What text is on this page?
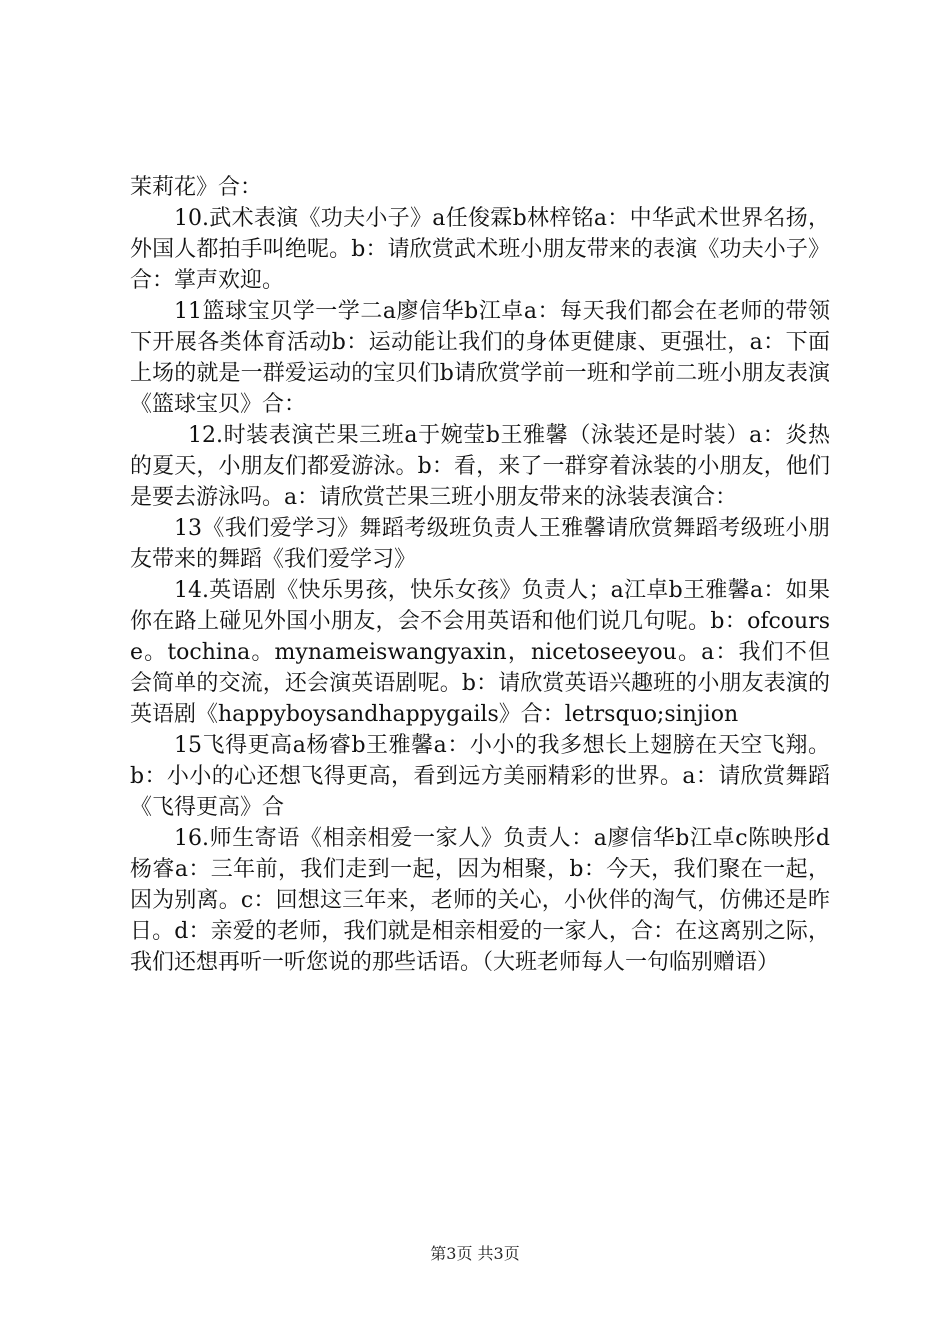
茉莉花》合：

10.武术表演《功夫小子》a任俊霖b林梓铭a：中华武术世界名扬，外国人都拍手叫绝呢。b：请欣赏武术班小朋友带来的表演《功夫小子》合：掌声欢迎。

11篮球宝贝学一学二a廖信华b江卓a：每天我们都会在老师的带领下开展各类体育活动b：运动能让我们的身体更健康、更强壮，a：下面上场的就是一群爱运动的宝贝们b请欣赏学前一班和学前二班小朋友表演《篮球宝贝》合：

12.时装表演芒果三班a于婉莹b王雅馨（泳装还是时装）a：炎热的夏天，小朋友们都爱游泳。b：看，来了一群穿着泳装的小朋友，他们是要去游泳吗。a：请欣赏芒果三班小朋友带来的泳装表演合：

13《我们爱学习》舞蹈考级班负责人王雅馨请欣赏舞蹈考级班小朋友带来的舞蹈《我们爱学习》

14.英语剧《快乐男孩，快乐女孩》负责人；a江卓b王雅馨a：如果你在路上碰见外国小朋友，会不会用英语和他们说几句呢。b：ofcourse。tochina。mynameiswangyaxin，nicetoseeyou。a：我们不但会简单的交流，还会演英语剧呢。b：请欣赏英语兴趣班的小朋友表演的英语剧《happyboysandhappygails》合：letrsquo;sinjion

15飞得更高a杨睿b王雅馨a：小小的我多想长上翅膀在天空飞翔。b：小小的心还想飞得更高，看到远方美丽精彩的世界。a：请欣赏舞蹈《飞得更高》合

16.师生寄语《相亲相爱一家人》负责人：a廖信华b江卓c陈映彤d杨睿a：三年前，我们走到一起，因为相聚，b：今天，我们聚在一起，因为别离。c：回想这三年来，老师的关心，小伙伴的淘气，仿佛还是昨日。d：亲爱的老师，我们就是相亲相爱的一家人，合：在这离别之际，我们还想再听一听您说的那些话语。（大班老师每人一句临别赠语）

第3页 共3页
